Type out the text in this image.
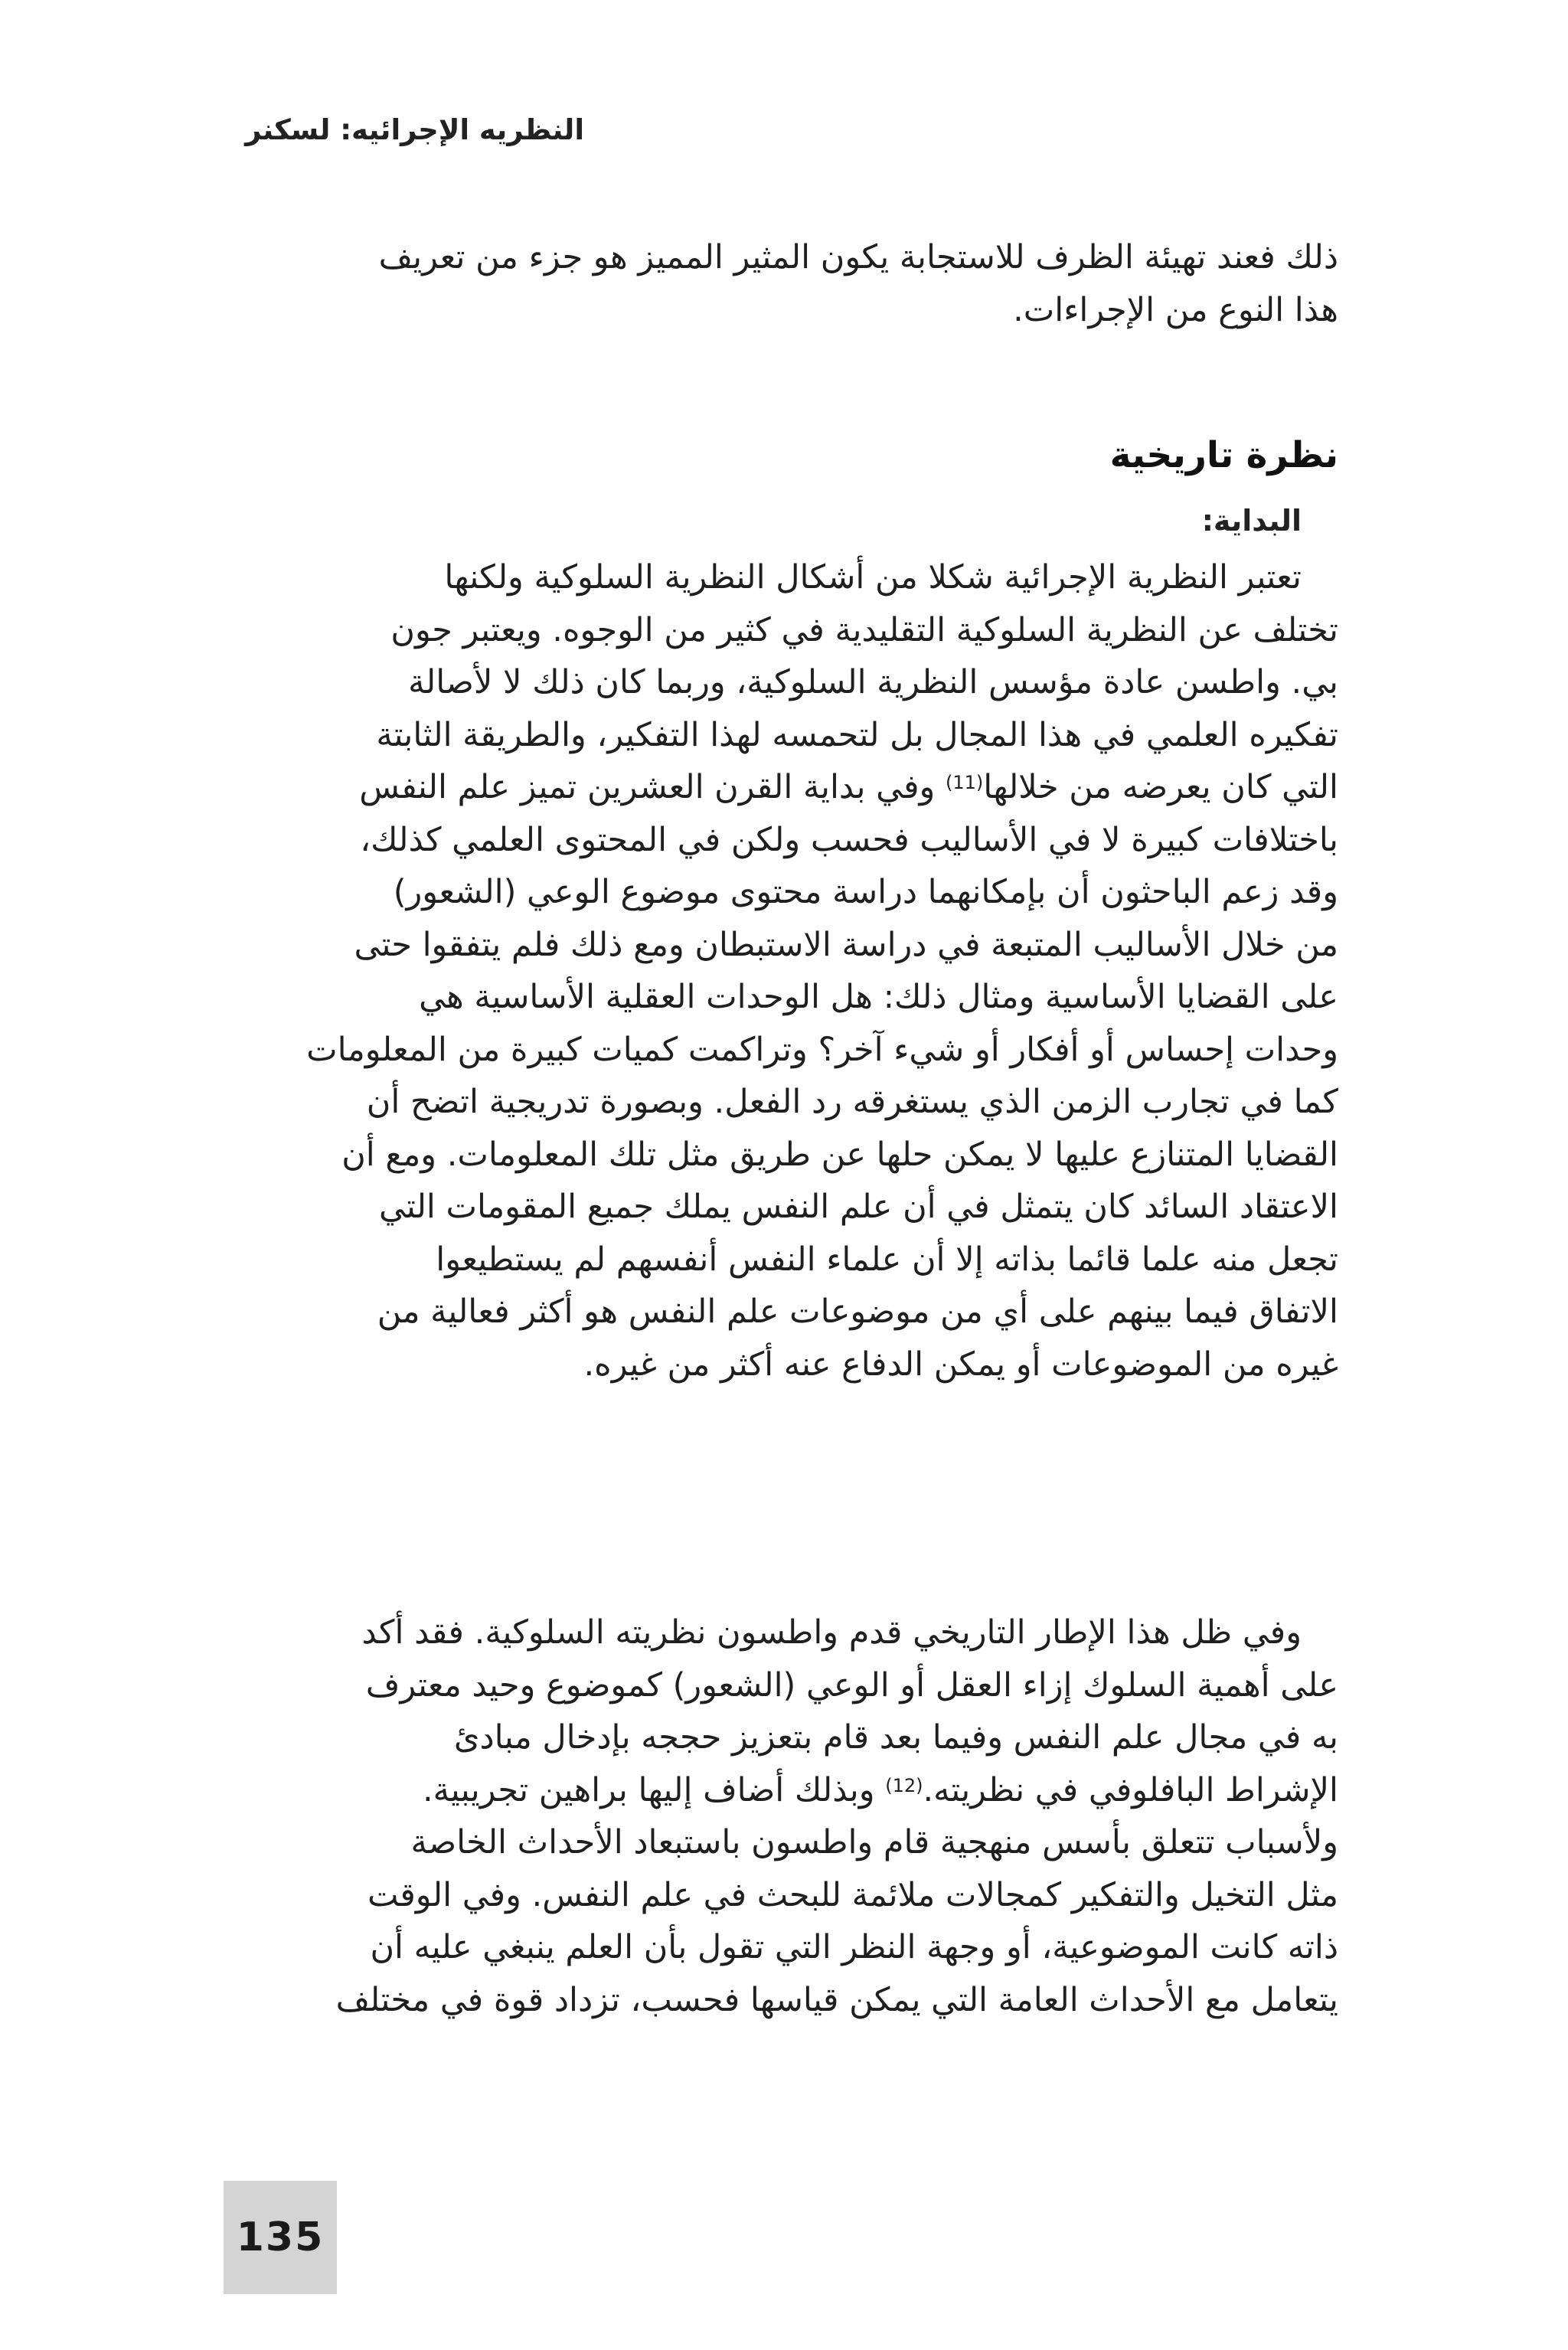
النظريه الإجرائيه: لسكنر
ذلك فعند تهيئة الظرف للاستجابة يكون المثير المميز هو جزء من تعريف
هذا النوع من الإجراءات.
نظرة تاريخية
البداية:
تعتبر النظرية الإجرائية شكلا من أشكال النظرية السلوكية ولكنها
تختلف عن النظرية السلوكية التقليدية في كثير من الوجوه. ويعتبر جون
بي. واطسن عادة مؤسس النظرية السلوكية، وربما كان ذلك لا لأصالة
تفكيره العلمي في هذا المجال بل لتحمسه لهذا التفكير، والطريقة الثابتة
التي كان يعرضه من خلالها$^{(11)}$ وفي بداية القرن العشرين تميز علم النفس
باختلافات كبيرة لا في الأساليب فحسب ولكن في المحتوى العلمي كذلك،
وقد زعم الباحثون أن بإمكانهما دراسة محتوى موضوع الوعي (الشعور)
من خلال الأساليب المتبعة في دراسة الاستبطان ومع ذلك فلم يتفقوا حتى
على القضايا الأساسية ومثال ذلك: هل الوحدات العقلية الأساسية هي
وحدات إحساس أو أفكار أو شيء آخر؟ وتراكمت كميات كبيرة من المعلومات
كما في تجارب الزمن الذي يستغرقه رد الفعل. وبصورة تدريجية اتضح أن
القضايا المتنازع عليها لا يمكن حلها عن طريق مثل تلك المعلومات. ومع أن
الاعتقاد السائد كان يتمثل في أن علم النفس يملك جميع المقومات التي
تجعل منه علما قائما بذاته إلا أن علماء النفس أنفسهم لم يستطيعوا
الاتفاق فيما بينهم على أي من موضوعات علم النفس هو أكثر فعالية من
غيره من الموضوعات أو يمكن الدفاع عنه أكثر من غيره.
وفي ظل هذا الإطار التاريخي قدم واطسون نظريته السلوكية. فقد أكد
على أهمية السلوك إزاء العقل أو الوعي (الشعور) كموضوع وحيد معترف
به في مجال علم النفس وفيما بعد قام بتعزيز حججه بإدخال مبادئ
الإشراط البافلوفي في نظريته.$^{(12)}$ وبذلك أضاف إليها براهين تجريبية.
ولأسباب تتعلق بأسس منهجية قام واطسون باستبعاد الأحداث الخاصة
مثل التخيل والتفكير كمجالات ملائمة للبحث في علم النفس. وفي الوقت
ذاته كانت الموضوعية، أو وجهة النظر التي تقول بأن العلم ينبغي عليه أن
يتعامل مع الأحداث العامة التي يمكن قياسها فحسب، تزداد قوة في مختلف
135
